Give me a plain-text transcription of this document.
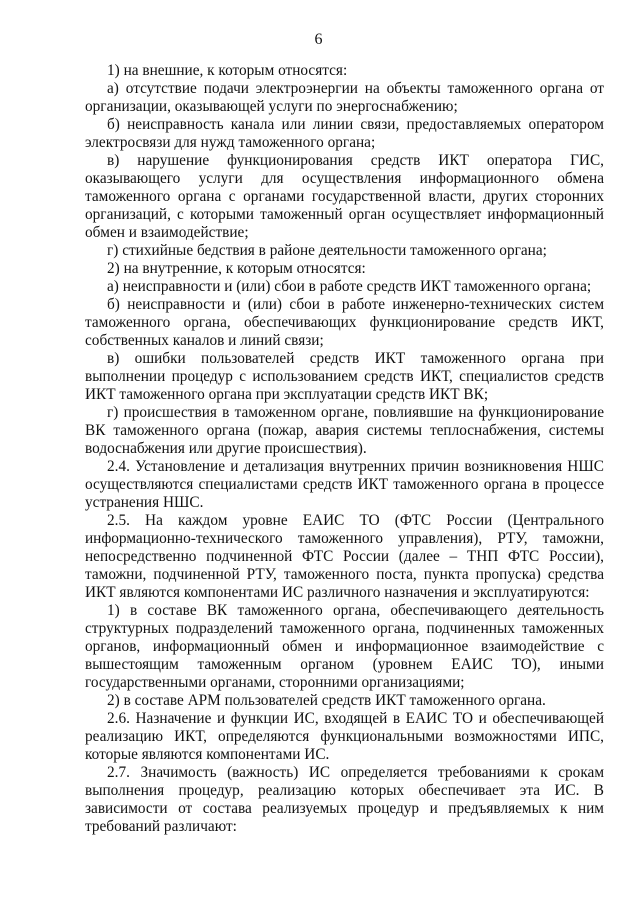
6

1) на внешние, к которым относятся:

а) отсутствие подачи электроэнергии на объекты таможенного органа от организации, оказывающей услуги по энергоснабжению;

б) неисправность канала или линии связи, предоставляемых оператором электросвязи для нужд таможенного органа;

в) нарушение функционирования средств ИКТ оператора ГИС, оказывающего услуги для осуществления информационного обмена таможенного органа с органами государственной власти, других сторонних организаций, с которыми таможенный орган осуществляет информационный обмен и взаимодействие;

г) стихийные бедствия в районе деятельности таможенного органа;

2) на внутренние, к которым относятся:

а) неисправности и (или) сбои в работе средств ИКТ таможенного органа;

б) неисправности и (или) сбои в работе инженерно-технических систем таможенного органа, обеспечивающих функционирование средств ИКТ, собственных каналов и линий связи;

в) ошибки пользователей средств ИКТ таможенного органа при выполнении процедур с использованием средств ИКТ, специалистов средств ИКТ таможенного органа при эксплуатации средств ИКТ ВК;

г) происшествия в таможенном органе, повлиявшие на функционирование ВК таможенного органа (пожар, авария системы теплоснабжения, системы водоснабжения или другие происшествия).

2.4. Установление и детализация внутренних причин возникновения НШС осуществляются специалистами средств ИКТ таможенного органа в процессе устранения НШС.

2.5. На каждом уровне ЕАИС ТО (ФТС России (Центрального информационно-технического таможенного управления), РТУ, таможни, непосредственно подчиненной ФТС России (далее – ТНП ФТС России), таможни, подчиненной РТУ, таможенного поста, пункта пропуска) средства ИКТ являются компонентами ИС различного назначения и эксплуатируются:

1) в составе ВК таможенного органа, обеспечивающего деятельность структурных подразделений таможенного органа, подчиненных таможенных органов, информационный обмен и информационное взаимодействие с вышестоящим таможенным органом (уровнем ЕАИС ТО), иными государственными органами, сторонними организациями;

2) в составе АРМ пользователей средств ИКТ таможенного органа.

2.6. Назначение и функции ИС, входящей в ЕАИС ТО и обеспечивающей реализацию ИКТ, определяются функциональными возможностями ИПС, которые являются компонентами ИС.

2.7. Значимость (важность) ИС определяется требованиями к срокам выполнения процедур, реализацию которых обеспечивает эта ИС. В зависимости от состава реализуемых процедур и предъявляемых к ним требований различают:
